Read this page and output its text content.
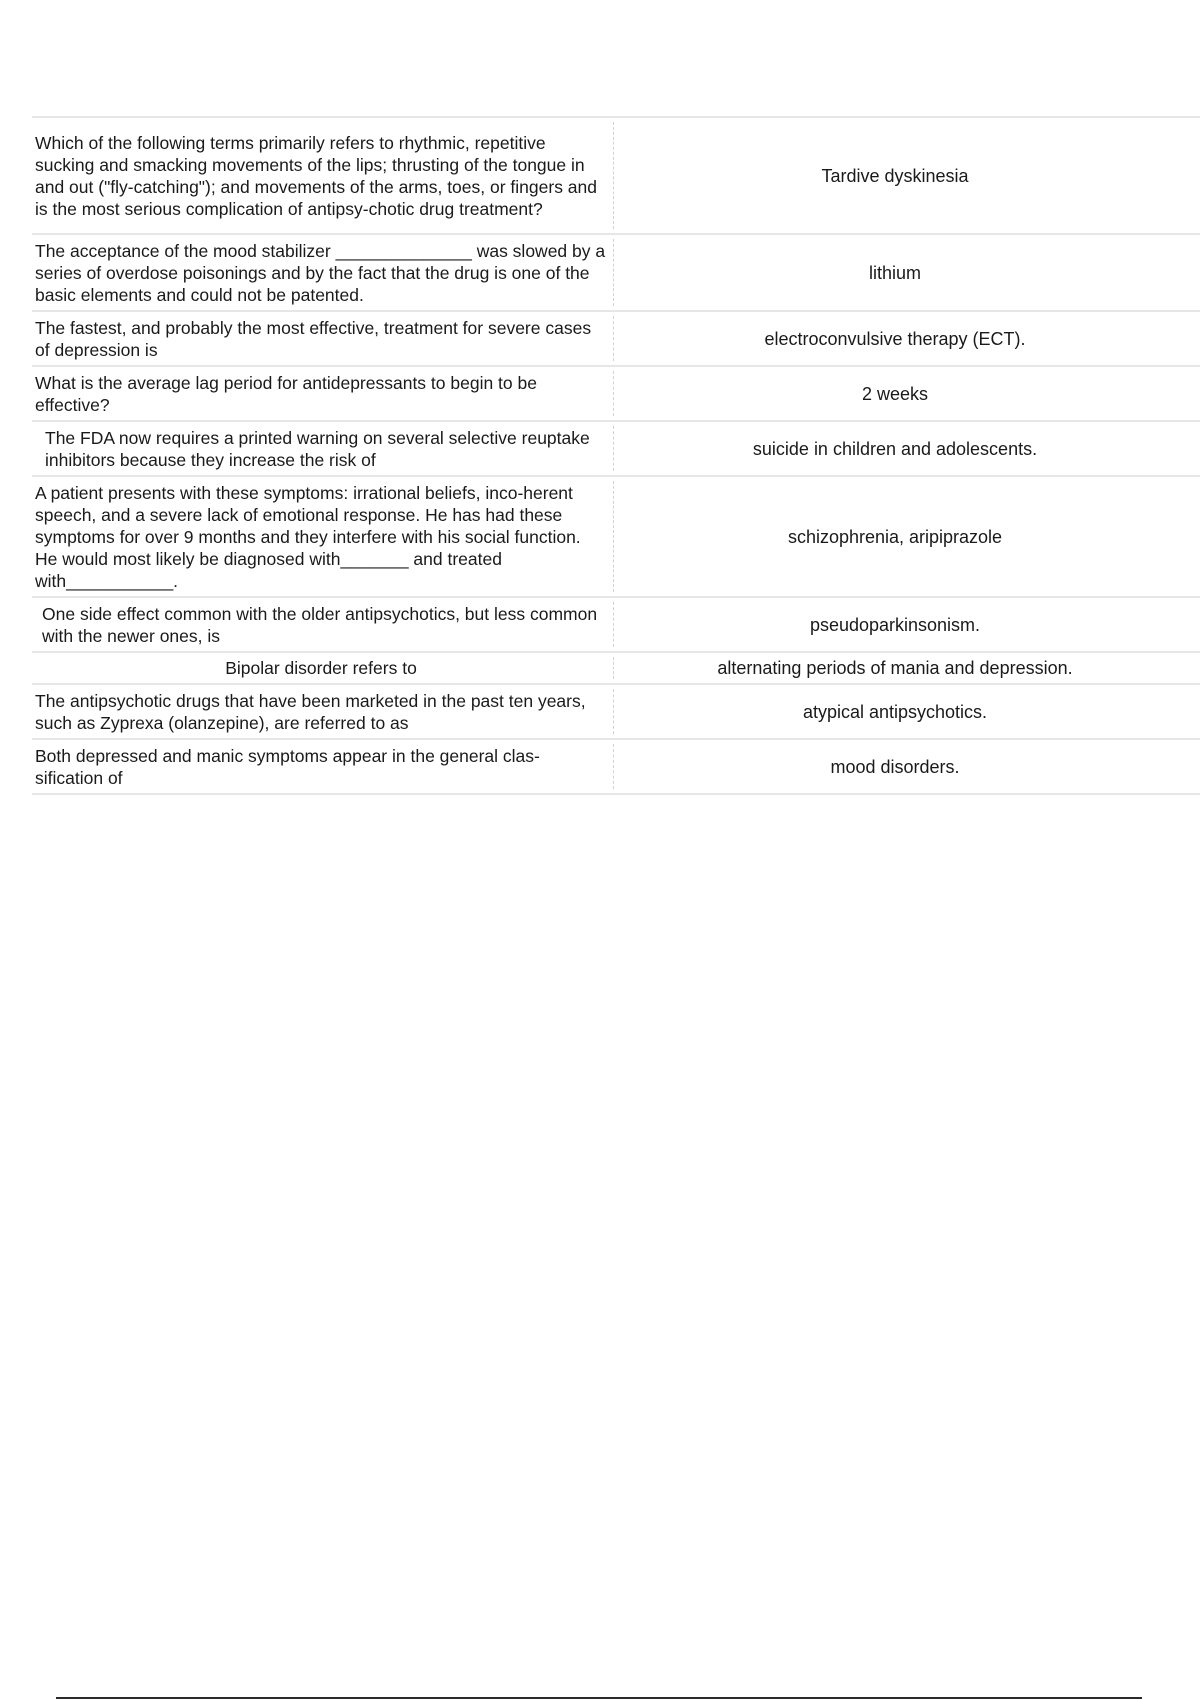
Which of the following terms primarily refers to rhythmic, repetitive sucking and smacking movements of the lips; thrusting of the tongue in and out ("fly-catching"); and movements of the arms, toes, or fingers and is the most serious complication of antipsy-chotic drug treatment?
Tardive dyskinesia
The acceptance of the mood stabilizer ______________ was slowed by a series of overdose poisonings and by the fact that the drug is one of the basic elements and could not be patented.
lithium
The fastest, and probably the most effective, treatment for severe cases of depression is
electroconvulsive therapy (ECT).
What is the average lag period for antidepressants to begin to be effective?
2 weeks
The FDA now requires a printed warning on several selective reuptake inhibitors because they increase the risk of
suicide in children and adolescents.
A patient presents with these symptoms: irrational beliefs, inco-herent speech, and a severe lack of emotional response. He has had these symptoms for over 9 months and they interfere with his social function. He would most likely be diagnosed with_______ and treated with___________.
schizophrenia, aripiprazole
One side effect common with the older antipsychotics, but less common with the newer ones, is
pseudoparkinsonism.
Bipolar disorder refers to	alternating periods of mania and depression.
The antipsychotic drugs that have been marketed in the past ten years, such as Zyprexa (olanzepine), are referred to as
atypical antipsychotics.
Both depressed and manic symptoms appear in the general clas-sification of
mood disorders.
